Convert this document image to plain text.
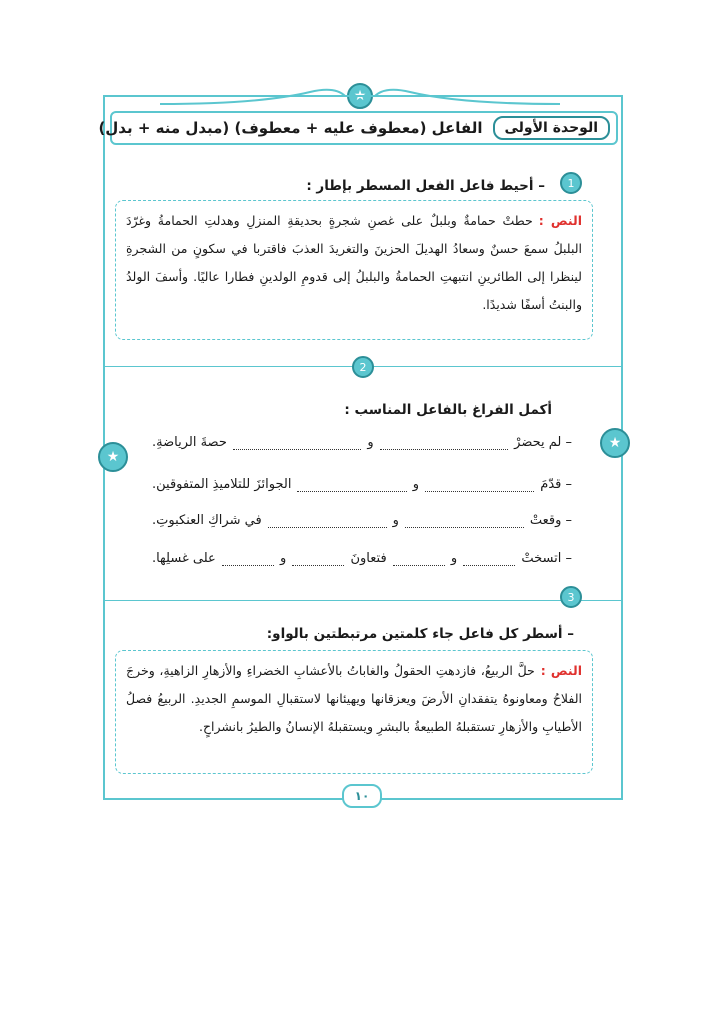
★
★
★
الوحدة الأولى
الفاعل (معطوف عليه + معطوف) (مبدل منه + بدل)
1
– أحيط فاعل الفعل المسطر بإطار :
النص :حطتْ حمامةٌ وبلبلٌ على غصنِ شجرةٍ بحديقةِ المنزلِ وهدلتِ الحمامةُ وغرّدَ البلبلُ سمعَ حسنٌ وسعادُ الهديلَ الحزينَ والتغريدَ العذبَ فاقتربا في سكونٍ من الشجرةِ لينظرا إلى الطائرينِ انتبهتِ الحمامةُ والبلبلُ إلى قدومِ الولدينِ فطارا عاليًا. وأسفَ الولدُ والبنتُ أسفًا شديدًا.
2
أكمل الفراغ بالفاعل المناسب :
– لم يحضرْ
و
حصةَ الرياضةِ.
– قدّمَ
و
الجوائزَ للتلاميذِ المتفوقين.
– وقعتْ
و
في شراكِ العنكبوتِ.
– اتسختْ
و
فتعاونَ
و
على غسلِها.
3
– أسطر كل فاعل جاء كلمتين مرتبطتين بالواو:
النص :حلَّ الربيعُ، فازدهتِ الحقولُ والغاباتُ بالأعشابِ الخضراءِ والأزهارِ الزاهيةِ، وخرجَ الفلاحُ ومعاونوهُ يتفقدانِ الأرضَ ويعزقانها ويهيئانها لاستقبالِ الموسمِ الجديدِ. الربيعُ فصلُ الأطيابِ والأزهارِ تستقبلهُ الطبيعةُ بالبشرِ ويستقبلهُ الإنسانُ والطيرُ بانشراحٍ.
١٠
